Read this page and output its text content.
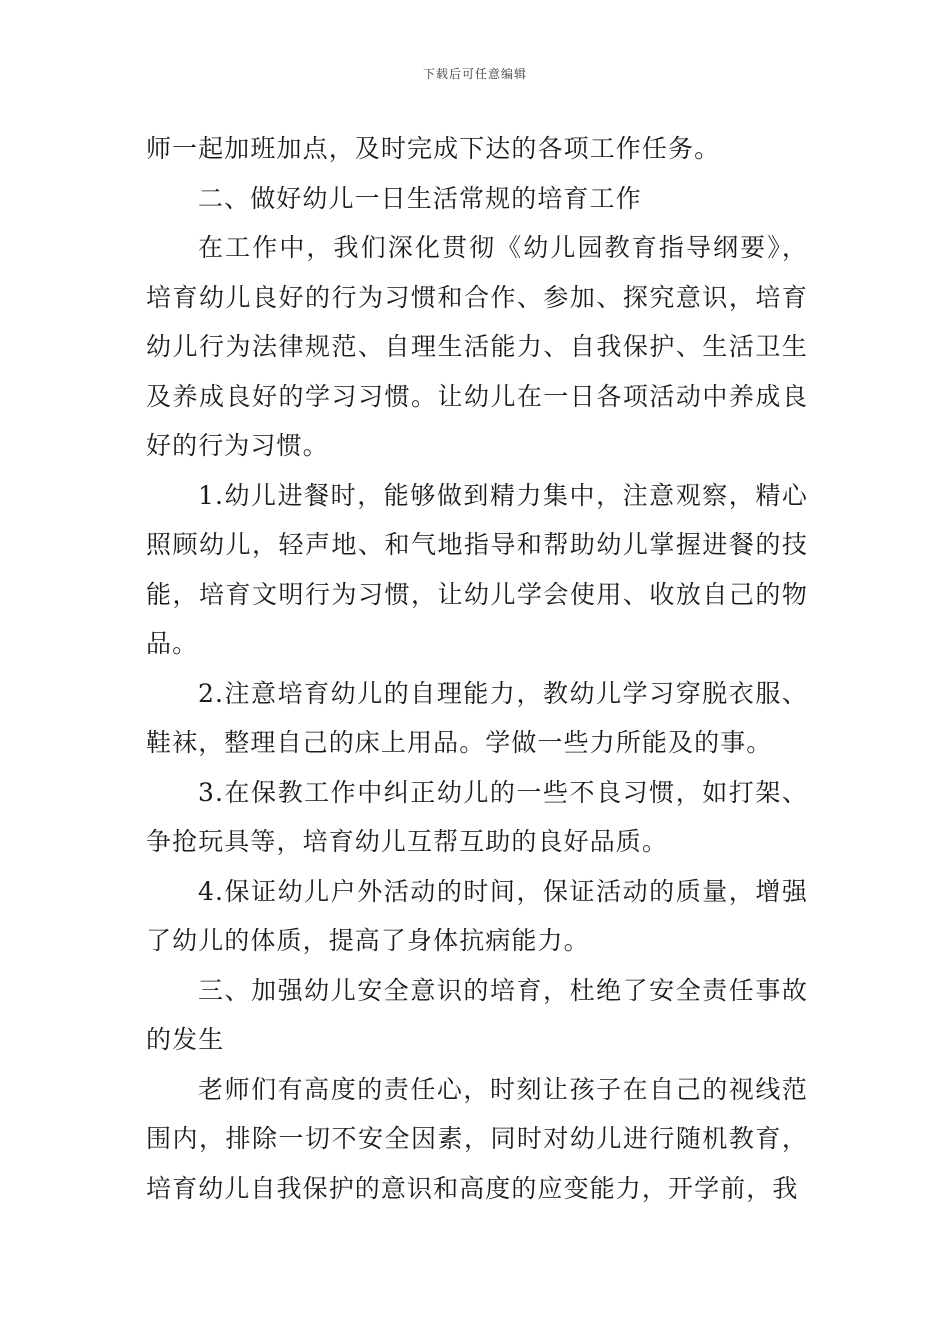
下载后可任意编辑

师一起加班加点，及时完成下达的各项工作任务。

二、做好幼儿一日生活常规的培育工作

在工作中，我们深化贯彻《幼儿园教育指导纲要》，培育幼儿良好的行为习惯和合作、参加、探究意识，培育幼儿行为法律规范、自理生活能力、自我保护、生活卫生及养成良好的学习习惯。让幼儿在一日各项活动中养成良好的行为习惯。

1.幼儿进餐时，能够做到精力集中，注意观察，精心照顾幼儿，轻声地、和气地指导和帮助幼儿掌握进餐的技能，培育文明行为习惯，让幼儿学会使用、收放自己的物品。

2.注意培育幼儿的自理能力，教幼儿学习穿脱衣服、鞋袜，整理自己的床上用品。学做一些力所能及的事。

3.在保教工作中纠正幼儿的一些不良习惯，如打架、争抢玩具等，培育幼儿互帮互助的良好品质。

4.保证幼儿户外活动的时间，保证活动的质量，增强了幼儿的体质，提高了身体抗病能力。

三、加强幼儿安全意识的培育，杜绝了安全责任事故的发生

老师们有高度的责任心，时刻让孩子在自己的视线范围内，排除一切不安全因素，同时对幼儿进行随机教育，培育幼儿自我保护的意识和高度的应变能力，开学前，我
